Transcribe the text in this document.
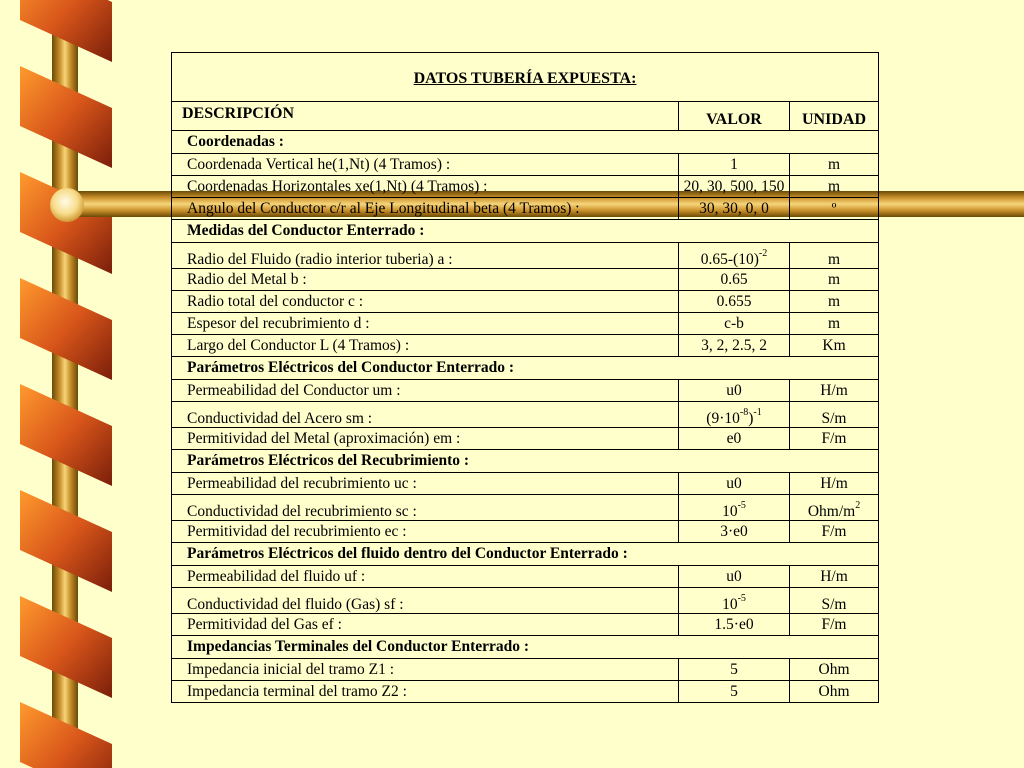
DATOS TUBERÍA EXPUESTA:		
DESCRIPCIÓN	VALOR	UNIDAD
Coordenadas :		
Coordenada Vertical he(1,Nt) (4 Tramos) :	1	m
Coordenadas Horizontales xe(1,Nt) (4 Tramos) :	20, 30, 500, 150	m
Angulo del Conductor c/r al Eje Longitudinal beta (4 Tramos) :	30, 30, 0, 0	º
Medidas del Conductor Enterrado :		
Radio del Fluido (radio interior tuberia) a :	$0.65-(10)^{-2}$	m
Radio del Metal b :	0.65	m
Radio total del conductor c :	0.655	m
Espesor del recubrimiento d :	c-b	m
Largo del Conductor L (4 Tramos) :	3, 2, 2.5, 2	Km
Parámetros Eléctricos del Conductor Enterrado :		
Permeabilidad del Conductor um :	u0	H/m
Conductividad del Acero sm :	$(9\cdot 10^{-8})^{-1}$	S/m
Permitividad del Metal (aproximación) em :	e0	F/m
Parámetros Eléctricos del Recubrimiento :		
Permeabilidad del recubrimiento uc :	u0	H/m
Conductividad del recubrimiento sc :	$10^{-5}$	Ohm/$m^2$
Permitividad del recubrimiento ec :	3·e0	F/m
Parámetros Eléctricos del fluido dentro del Conductor Enterrado :		
Permeabilidad del fluido uf :	u0	H/m
Conductividad del fluido (Gas) sf :	$10^{-5}$	S/m
Permitividad del Gas ef :	1.5·e0	F/m
Impedancias Terminales del Conductor Enterrado :		
Impedancia inicial del tramo Z1 :	5	Ohm
Impedancia terminal del tramo Z2 :	5	Ohm
